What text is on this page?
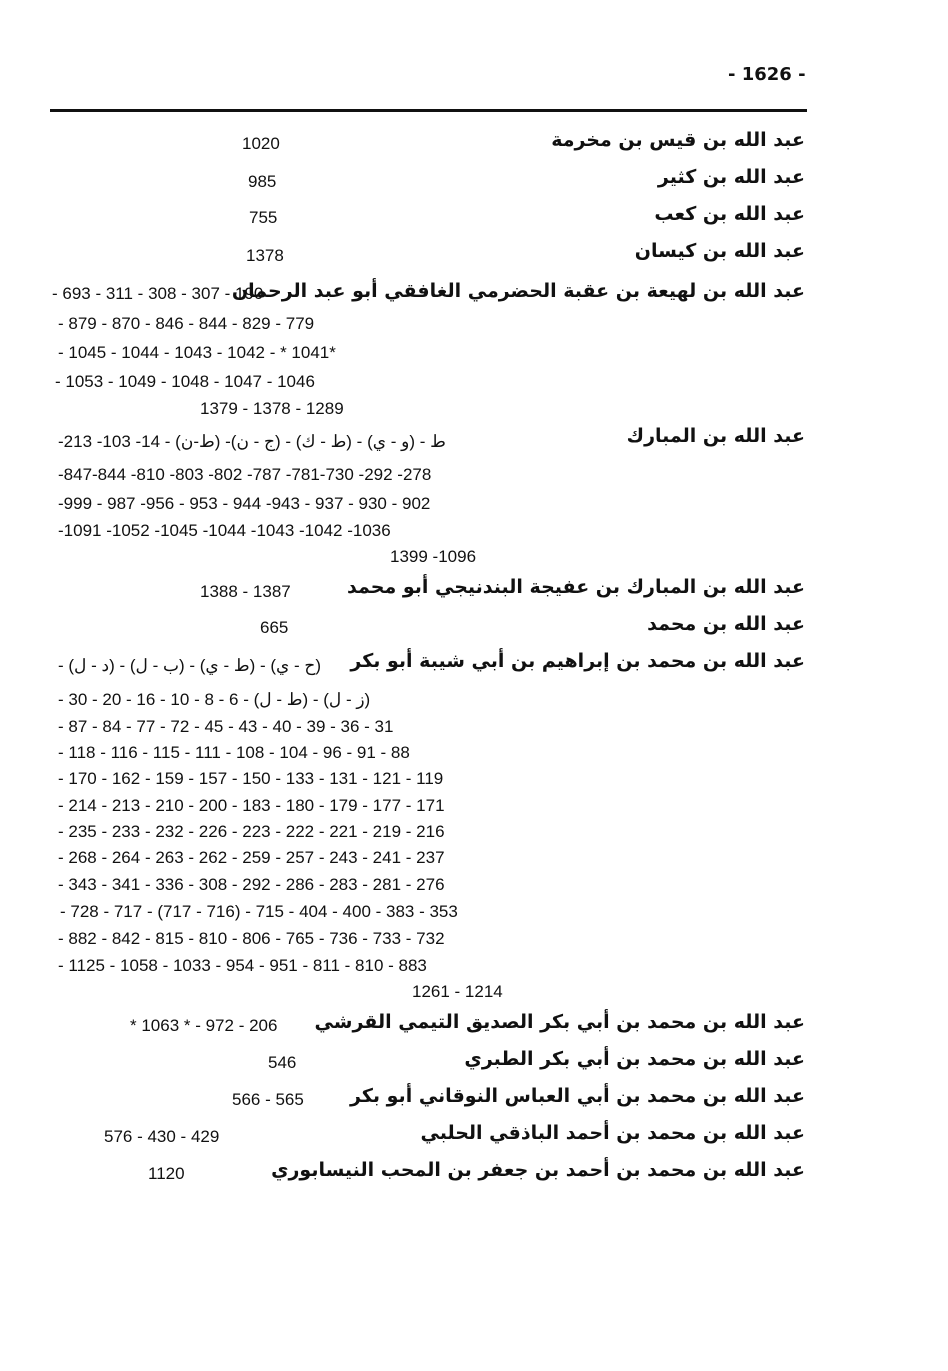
- 1626 -
عبد الله بن قيس بن مخرمة
1020
عبد الله بن كثير
985
عبد الله بن كعب
755
عبد الله بن كيسان
1378
عبد الله بن لهيعة بن عقبة الحضرمي الغافقي أبو عبد الرحمان
- 693 - 311 - 308 - 307 - 190
- 879 - 870 - 846 - 844 - 829 - 779
- 1045 - 1044 - 1043 - 1042 - * 1041*
- 1053 - 1049 - 1048 - 1047 - 1046
1379 - 1378 - 1289
عبد الله بن المبارك
-213 -103 -14 - (ط-ن) -(ج - ن) - (ط - ك) - (و - ي) - ط
-847-844 -810 -803 -802 -787 -781-730 -292 -278
-999 - 987 -956 - 953 - 944 -943 - 937 - 930 - 902
-1091 -1052 -1045 -1044 -1043 -1042 -1036
1399 -1096
عبد الله بن المبارك بن عفيجة البندنيجي أبو محمد
1388 - 1387
عبد الله بن محمد
665
عبد الله بن محمد بن إبراهيم بن أبي شيبة أبو بكر
- (د - ل) - (ب - ل) - (ط - ي) - (ح - ي)
- 30 - 20 - 16 - 10 - 8 - 6 - (ط - ل) - (ز - ل)
- 87 - 84 - 77 - 72 - 45 - 43 - 40 - 39 - 36 - 31
- 118 - 116 - 115 - 111 - 108 - 104 - 96 - 91 - 88
- 170 - 162 - 159 - 157 - 150 - 133 - 131 - 121 - 119
- 214 - 213 - 210 - 200 - 183 - 180 - 179 - 177 - 171
- 235 - 233 - 232 - 226 - 223 - 222 - 221 - 219 - 216
- 268 - 264 - 263 - 262 - 259 - 257 - 243 - 241 - 237
- 343 - 341 - 336 - 308 - 292 - 286 - 283 - 281 - 276
- 728 - 717 - (717 - 716) - 715 - 404 - 400 - 383 - 353
- 882 - 842 - 815 - 810 - 806 - 765 - 736 - 733 - 732
- 1125 - 1058 - 1033 - 954 - 951 - 811 - 810 - 883
1261 - 1214
عبد الله بن محمد بن أبي بكر الصديق التيمي القرشي
* 1063 * - 972 - 206
عبد الله بن محمد بن أبي بكر الطبري
546
عبد الله بن محمد بن أبي العباس النوقاني أبو بكر
566 - 565
عبد الله بن محمد بن أحمد الباذقي الحلبي
576 - 430 - 429
عبد الله بن محمد بن أحمد بن جعفر بن المحب النيسابوري
1120
